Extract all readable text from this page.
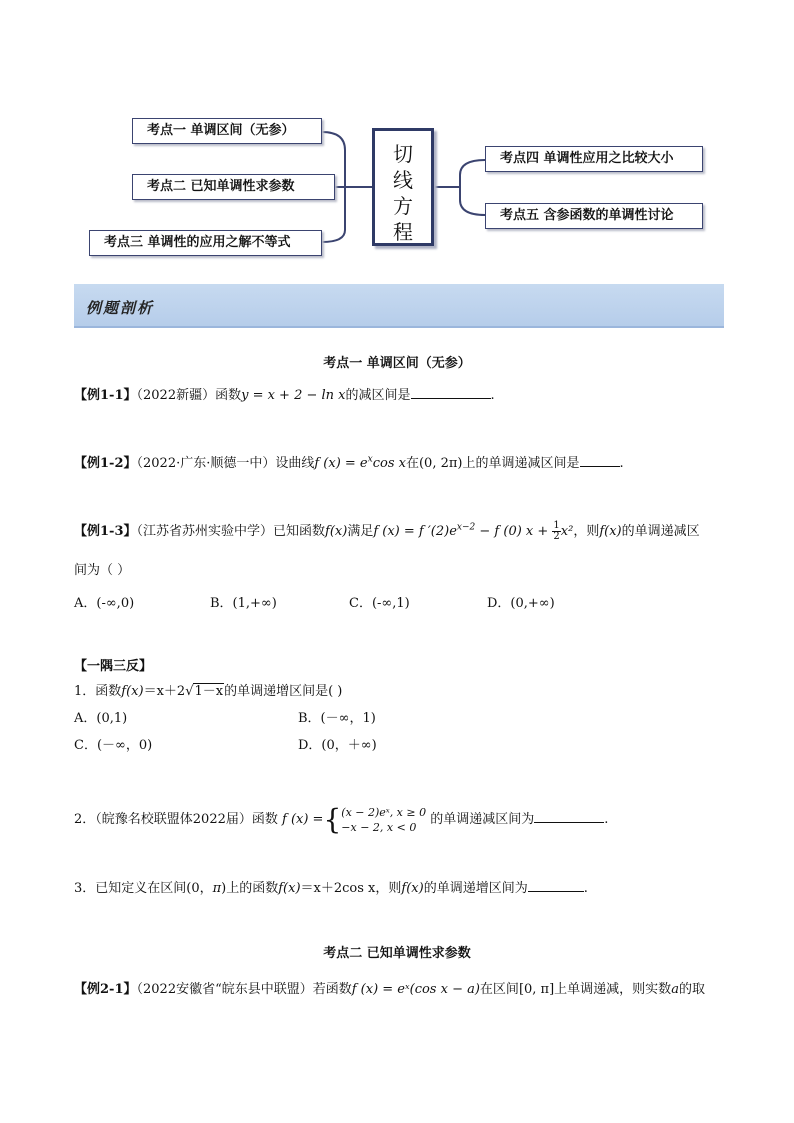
考点一 单调区间（无参）
考点二 已知单调性求参数
考点三 单调性的应用之解不等式
考点四 单调性应用之比较大小
考点五 含参函数的单调性讨论
切
线
方
程
例题剖析
考点一 单调区间（无参）
【例1-1】（2022新疆）函数y = x + 2 − ln x的减区间是	.
【例1-2】（2022·广东·顺德一中）设曲线f $(x) = e^x\cos$ x在(0, 2π)上的单调递减区间是	.
【例1-3】（江苏省苏州实验中学）已知函数f(x)满足f (x) = f $'(2)e^{x-2} - f$ (0) $x + \frac{1}{2} x^2$，则f(x)的单调递减区
间为（ ）
A．(-∞,0)	B．(1,+∞)	C．(-∞,1)	D．(0,+∞)
【一隅三反】
1．函数f(x)＝x＋2√1－x的单调递增区间是( )
A．(0,1)	B．(－∞，1)
C．(－∞，0)	D．(0，＋∞)
2．（皖豫名校联盟体2022届）函数 f (x) ={ (x − 2)eˣ, x ≥ 0
−x − 2, x < 0	的单调递减区间为	.
3．已知定义在区间(0，π)上的函数f(x)＝x＋2cos x，则f(x)的单调递增区间为	.
考点二 已知单调性求参数
【例2-1】（2022安徽省“皖东县中联盟）若函数f (x) = eˣ(cos x − a)在区间[0, π]上单调递减，则实数a的取
